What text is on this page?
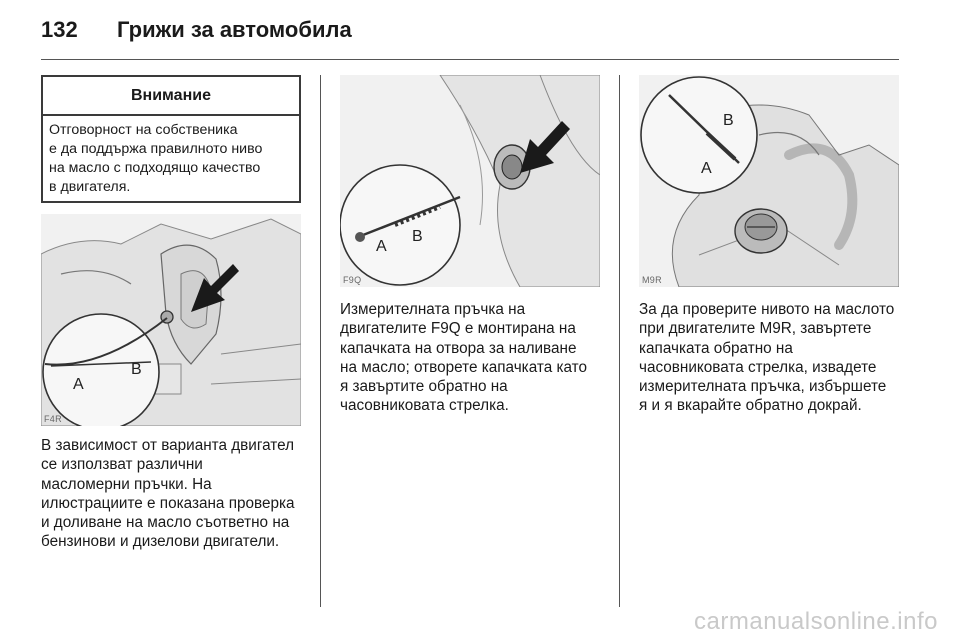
132 Грижи за автомобила
Внимание
Отговорност на собственика
е да поддържа правилното ниво
на масло с подходящо качество
в двигателя.
A
B
F4R
A
B
F9Q
A
B
M9R
В зависимост от варианта двигател
се използват различни
масломерни пръчки. На
илюстрациите е показана проверка
и доливане на масло съответно на
бензинови и дизелови двигатели.
Измерителната пръчка на
двигателите F9Q е монтирана на
капачката на отвора за наливане
на масло; отворете капачката като
я завъртите обратно на
часовниковата стрелка.
За да проверите нивото на маслото
при двигателите M9R, завъртете
капачката обратно на
часовниковата стрелка, извадете
измерителната пръчка, избършете
я и я вкарайте обратно докрай.
carmanualsonline.info
